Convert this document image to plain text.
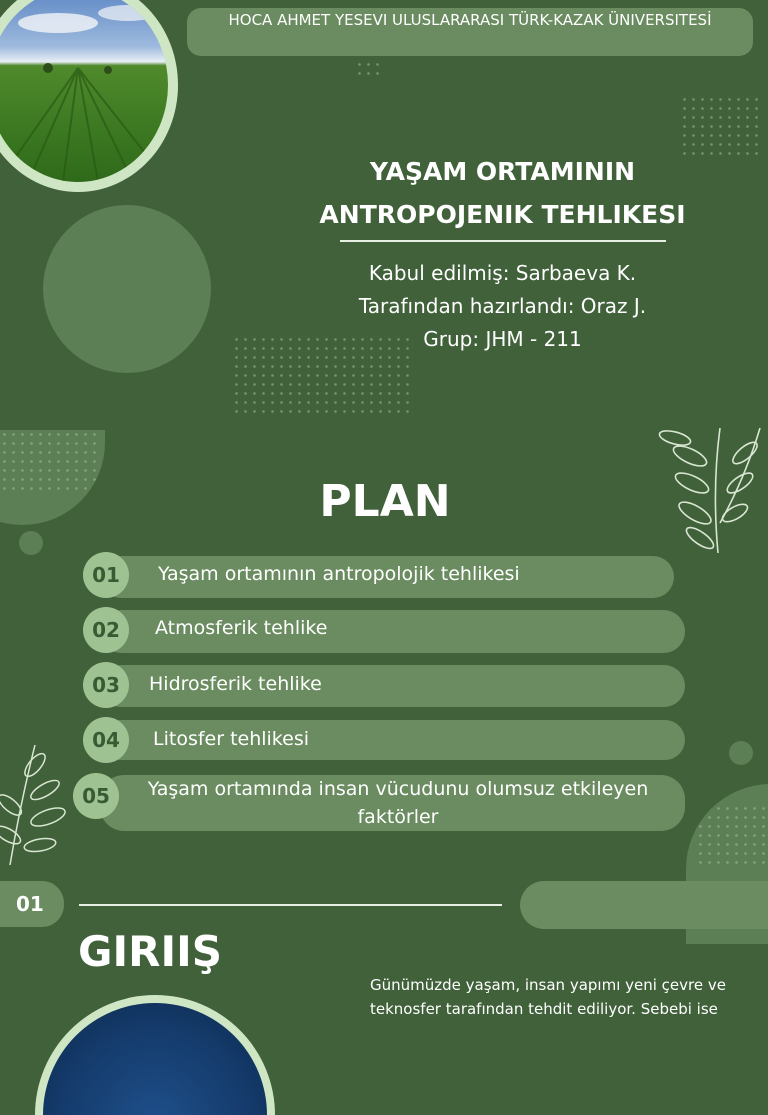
HOCA AHMET YESEVI ULUSLARARASI TÜRK-KAZAK ÜNIVERSITESİ
YAŞAM ORTAMININ
ANTROPOJENIK TEHLIKESI
Kabul edilmiş: Sarbaeva K.
Tarafından hazırlandı: Oraz J.
Grup: JHM - 211
PLAN
01	Yaşam ortamının antropolojik tehlikesi
02	Atmosferik tehlike
03	Hidrosferik tehlike
04	Litosfer tehlikesi
05	Yaşam ortamında insan vücudunu olumsuz etkileyen faktörler
01
GIRIIŞ
Günümüzde yaşam, insan yapımı yeni çevre ve
teknosfer tarafından tehdit ediliyor. Sebebi ise
